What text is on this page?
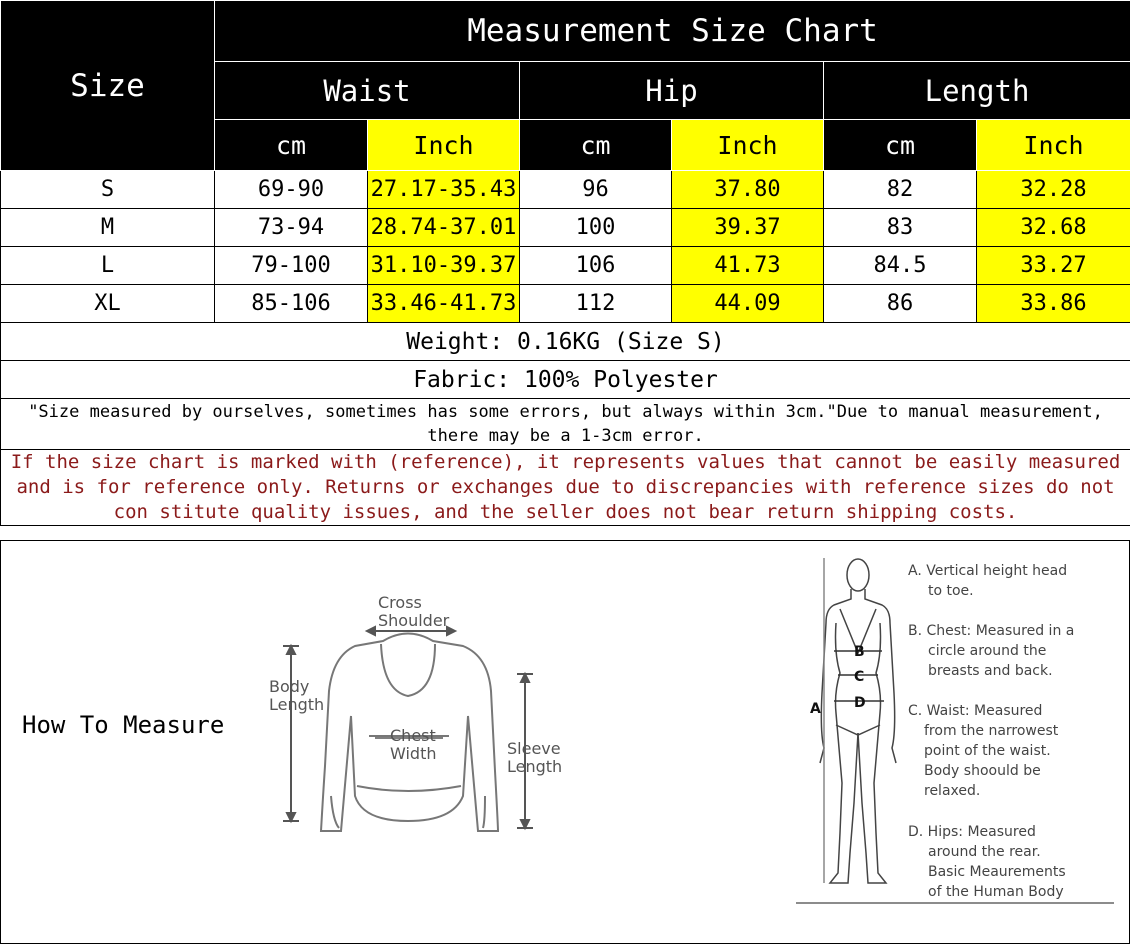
Size	Measurement Size Chart					
	Waist		Hip		Length	
	cm	Inch	cm	Inch	cm	Inch
S	69-90	27.17-35.43	96	37.80	82	32.28
M	73-94	28.74-37.01	100	39.37	83	32.68
L	79-100	31.10-39.37	106	41.73	84.5	33.27
XL	85-106	33.46-41.73	112	44.09	86	33.86
Weight: 0.16KG (Size S)						
Fabric: 100% Polyester						
"Size measured by ourselves, sometimes has some errors, but always within 3cm."Due to manual measurement, there may be a 1-3cm error.						
If the size chart is marked with (reference), it represents values that cannot be easily measured and is for reference only. Returns or exchanges due to discrepancies with reference sizes do not con stitute quality issues, and the seller does not bear return shipping costs.						
How To Measure
Cross
Shoulder
Body
Length
Chest
Width	Sleeve
Length
B
C
D
A
A. Vertical height head
to toe.
B. Chest: Measured in a
circle around the
breasts and back.
C. Waist: Measured
from the narrowest
point of the waist.
Body shoould be
relaxed.
D. Hips: Measured
around the rear.
Basic Meaurements
of the Human Body
